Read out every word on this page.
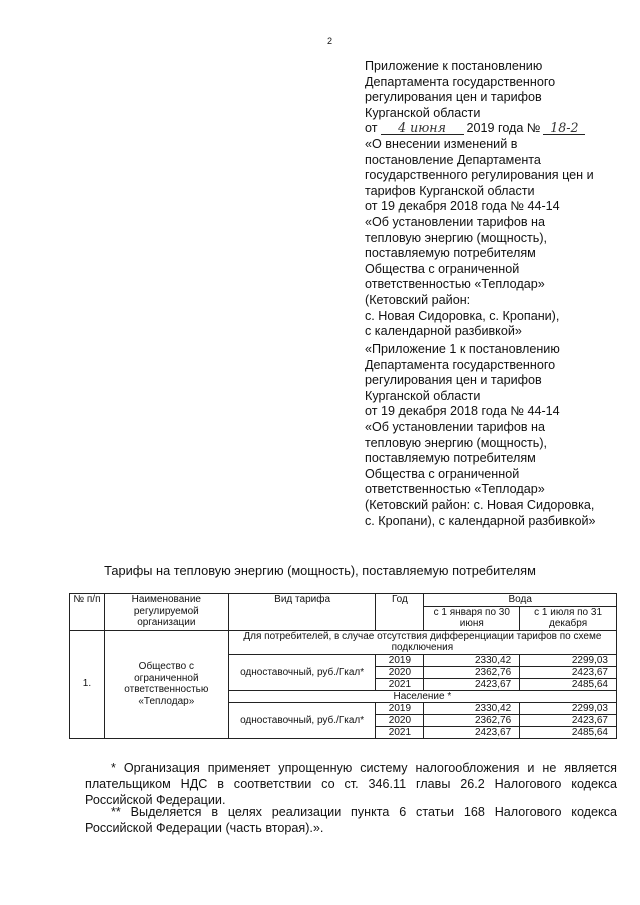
2
Приложение к постановлению
Департамента государственного
регулирования цен и тарифов
Курганской области
от 4 июня 2019 года № 18-2
«О внесении изменений в
постановление Департамента
государственного регулирования цен и
тарифов Курганской области
от 19 декабря 2018 года № 44-14
«Об установлении тарифов на
тепловую энергию (мощность),
поставляемую потребителям
Общества с ограниченной
ответственностью «Теплодар»
(Кетовский район:
с. Новая Сидоровка, с. Кропани),
с календарной разбивкой»
«Приложение 1 к постановлению
Департамента государственного
регулирования цен и тарифов
Курганской области
от 19 декабря 2018 года № 44-14
«Об установлении тарифов на
тепловую энергию (мощность),
поставляемую потребителям
Общества с ограниченной
ответственностью «Теплодар»
(Кетовский район: с. Новая Сидоровка,
с. Кропани), с календарной разбивкой»
Тарифы на тепловую энергию (мощность), поставляемую потребителям
№ п/п	Наименование регулируемой организации	Вид тарифа	Год	Вода	
				с 1 января по 30 июня	с 1 июля по 31 декабря
1.	Общество с ограниченной ответственностью «Теплодар»	Для потребителей, в случае отсутствия дифференциации тарифов по схеме подключения			
		одноставочный, руб./Гкал*	2019	2330,42	2299,03
			2020	2362,76	2423,67
			2021	2423,67	2485,64
		Население *			
		одноставочный, руб./Гкал*	2019	2330,42	2299,03
			2020	2362,76	2423,67
			2021	2423,67	2485,64

* Организация применяет упрощенную систему налогообложения и не является плательщиком НДС в соответствии со ст. 346.11 главы 26.2 Налогового кодекса Российской Федерации.

** Выделяется в целях реализации пункта 6 статьи 168 Налогового кодекса Российской Федерации (часть вторая).».
